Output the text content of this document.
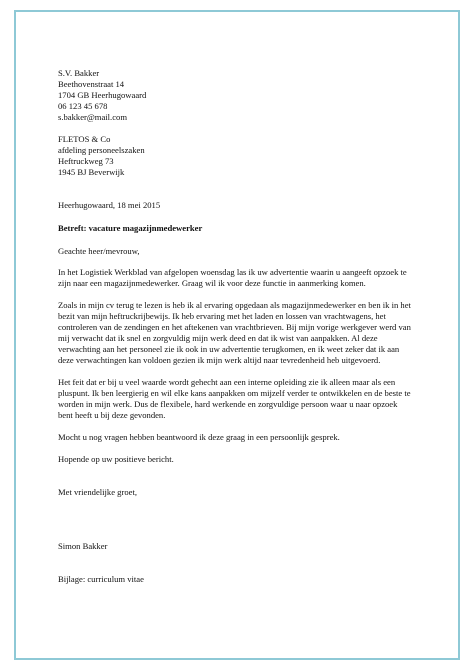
S.V. Bakker
Beethovenstraat 14
1704 GB Heerhugowaard
06 123 45 678
s.bakker@mail.com
FLETOS & Co
afdeling personeelszaken
Heftruckweg 73
1945 BJ Beverwijk
Heerhugowaard, 18 mei 2015
Betreft: vacature magazijnmedewerker
Geachte heer/mevrouw,
In het Logistiek Werkblad van afgelopen woensdag las ik uw advertentie waarin u aangeeft opzoek te
zijn naar een magazijnmedewerker. Graag wil ik voor deze functie in aanmerking komen.
Zoals in mijn cv terug te lezen is heb ik al ervaring opgedaan als magazijnmedewerker en ben ik in het
bezit van mijn heftruckrijbewijs. Ik heb ervaring met het laden en lossen van vrachtwagens, het
controleren van de zendingen en het aftekenen van vrachtbrieven. Bij mijn vorige werkgever werd van
mij verwacht dat ik snel en zorgvuldig mijn werk deed en dat ik wist van aanpakken. Al deze
verwachting aan het personeel zie ik ook in uw advertentie terugkomen, en ik weet zeker dat ik aan
deze verwachtingen kan voldoen gezien ik mijn werk altijd naar tevredenheid heb uitgevoerd.
Het feit dat er bij u veel waarde wordt gehecht aan een interne opleiding zie ik alleen maar als een
pluspunt. Ik ben leergierig en wil elke kans aanpakken om mijzelf verder te ontwikkelen en de beste te
worden in mijn werk. Dus de flexibele, hard werkende en zorgvuldige persoon waar u naar opzoek
bent heeft u bij deze gevonden.
Mocht u nog vragen hebben beantwoord ik deze graag in een persoonlijk gesprek.
Hopende op uw positieve bericht.
Met vriendelijke groet,
Simon Bakker
Bijlage: curriculum vitae
